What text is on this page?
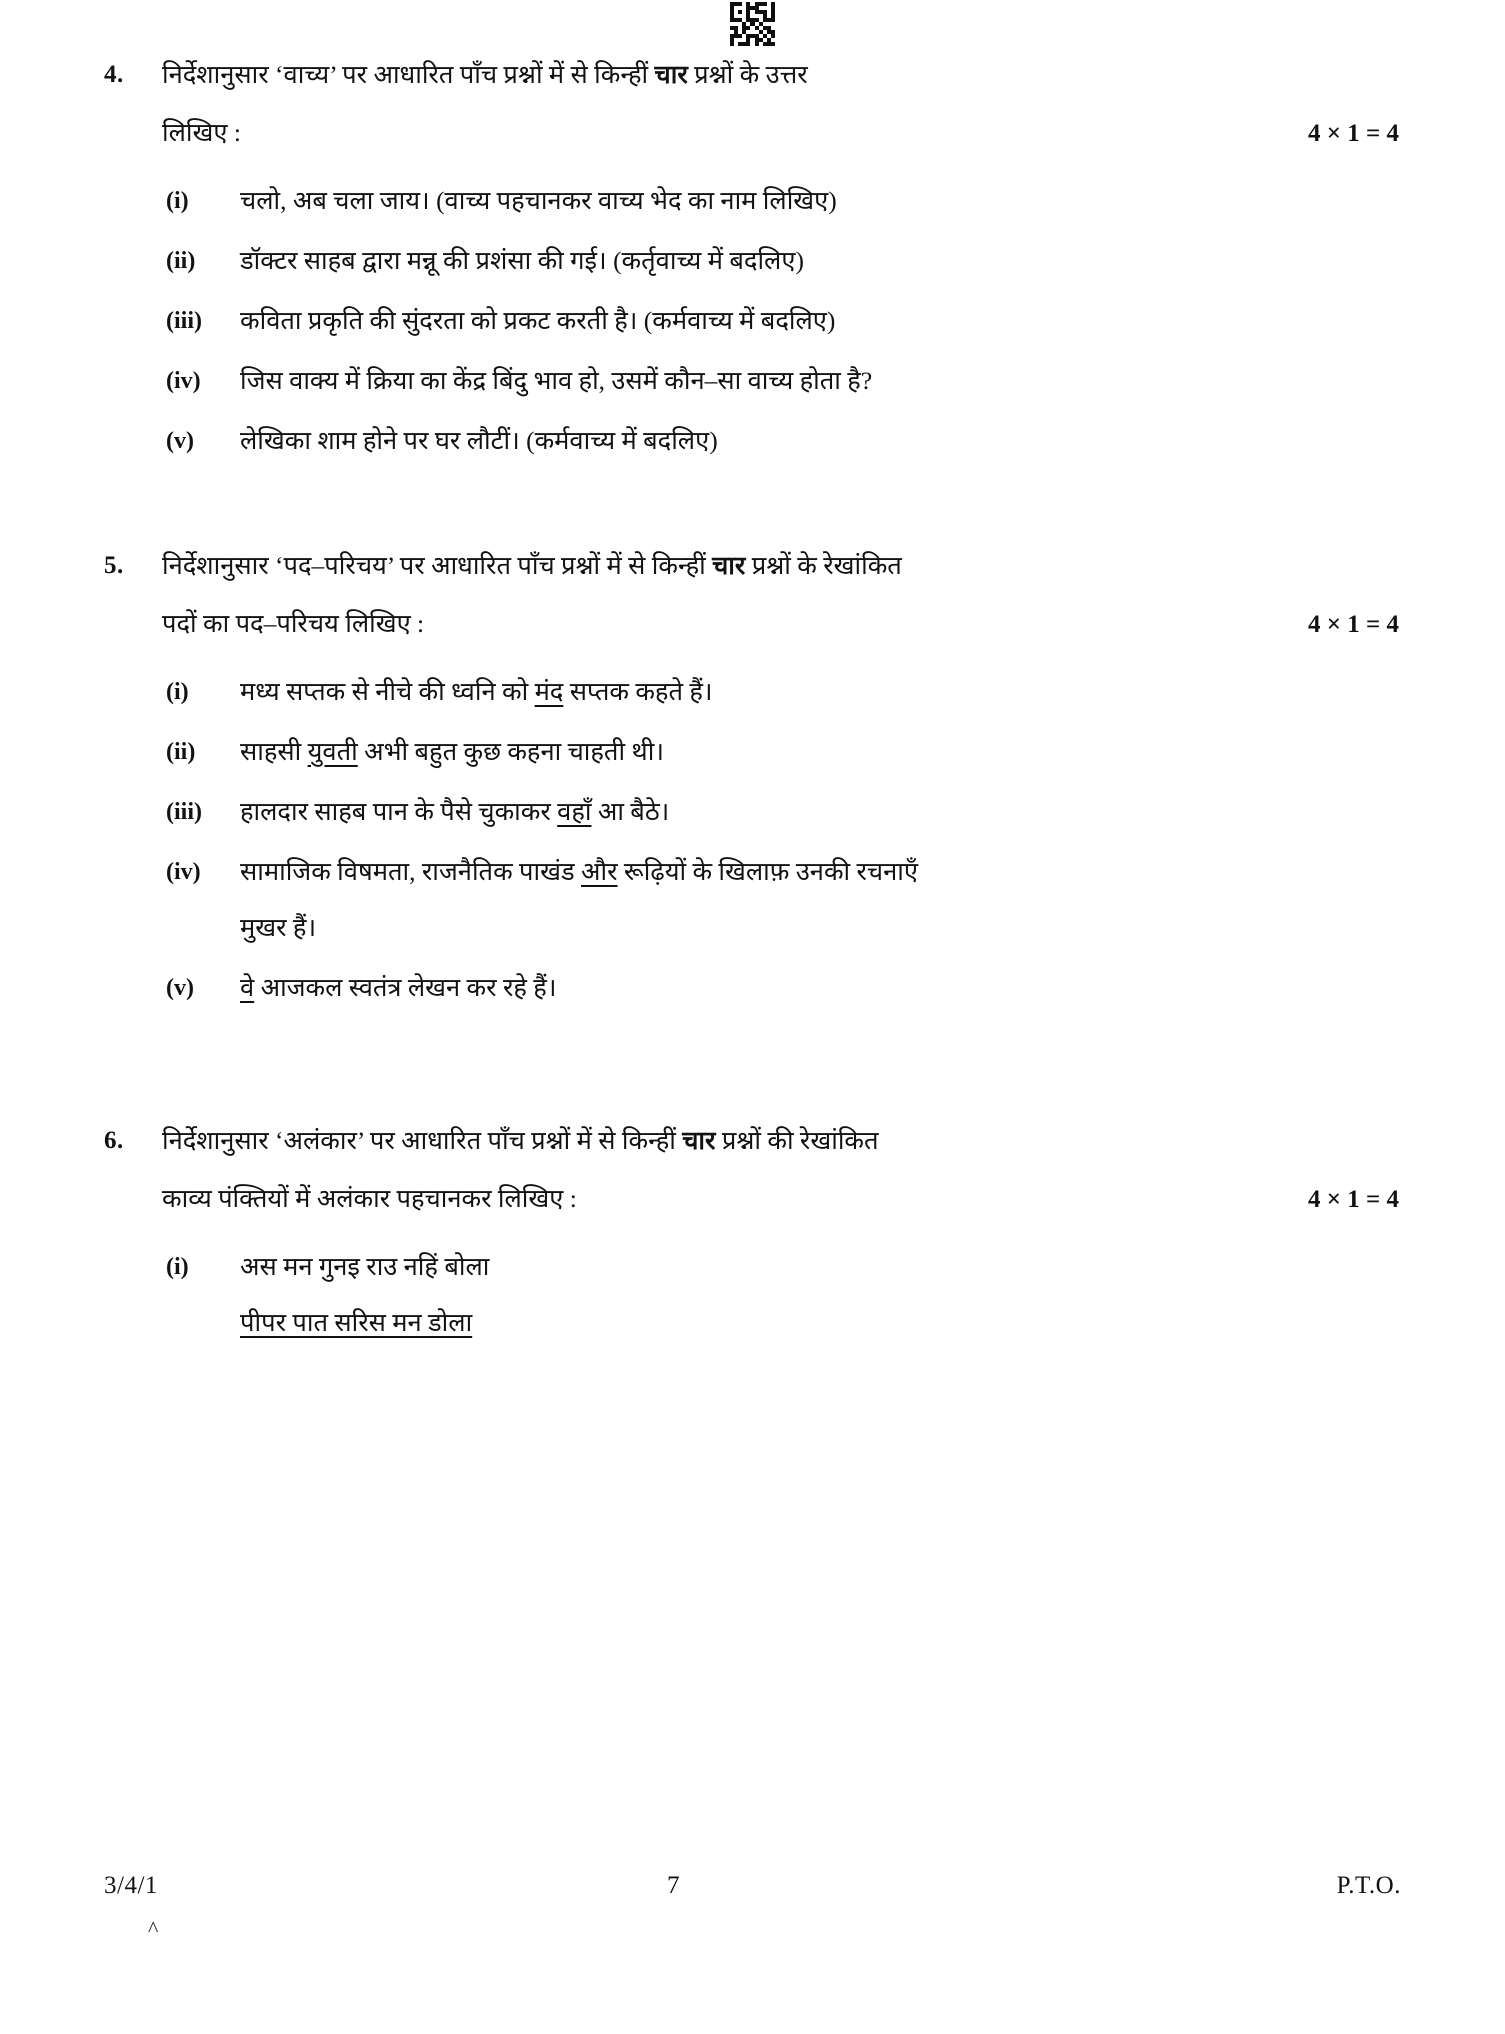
4.	निर्देशानुसार ‘वाच्य’ पर आधारित पाँच प्रश्नों में से किन्हीं चार प्रश्नों के उत्तर
लिखिए :	4 × 1 = 4
(i)	चलो, अब चला जाय। (वाच्य पहचानकर वाच्य भेद का नाम लिखिए)
(ii)	डॉक्टर साहब द्वारा मन्नू की प्रशंसा की गई। (कर्तृवाच्य में बदलिए)
(iii)	कविता प्रकृति की सुंदरता को प्रकट करती है। (कर्मवाच्य में बदलिए)
(iv)	जिस वाक्य में क्रिया का केंद्र बिंदु भाव हो, उसमें कौन–सा वाच्य होता है?
(v)	लेखिका शाम होने पर घर लौटीं। (कर्मवाच्य में बदलिए)
5.	निर्देशानुसार ‘पद–परिचय’ पर आधारित पाँच प्रश्नों में से किन्हीं चार प्रश्नों के रेखांकित
पदों का पद–परिचय लिखिए :	4 × 1 = 4
(i)	मध्य सप्तक से नीचे की ध्वनि को मंद सप्तक कहते हैं।
(ii)	साहसी युवती अभी बहुत कुछ कहना चाहती थी।
(iii)	हालदार साहब पान के पैसे चुकाकर वहाँ आ बैठे।
(iv)	सामाजिक विषमता, राजनैतिक पाखंड और रूढ़ियों के खिलाफ़ उनकी रचनाएँ
मुखर हैं।
(v)	वे आजकल स्वतंत्र लेखन कर रहे हैं।
6.	निर्देशानुसार ‘अलंकार’ पर आधारित पाँच प्रश्नों में से किन्हीं चार प्रश्नों की रेखांकित
काव्य पंक्तियों में अलंकार पहचानकर लिखिए :	4 × 1 = 4
(i)	अस मन गुनइ राउ नहिं बोला
पीपर पात सरिस मन डोला
3/4/1	7	P.T.O.
^
